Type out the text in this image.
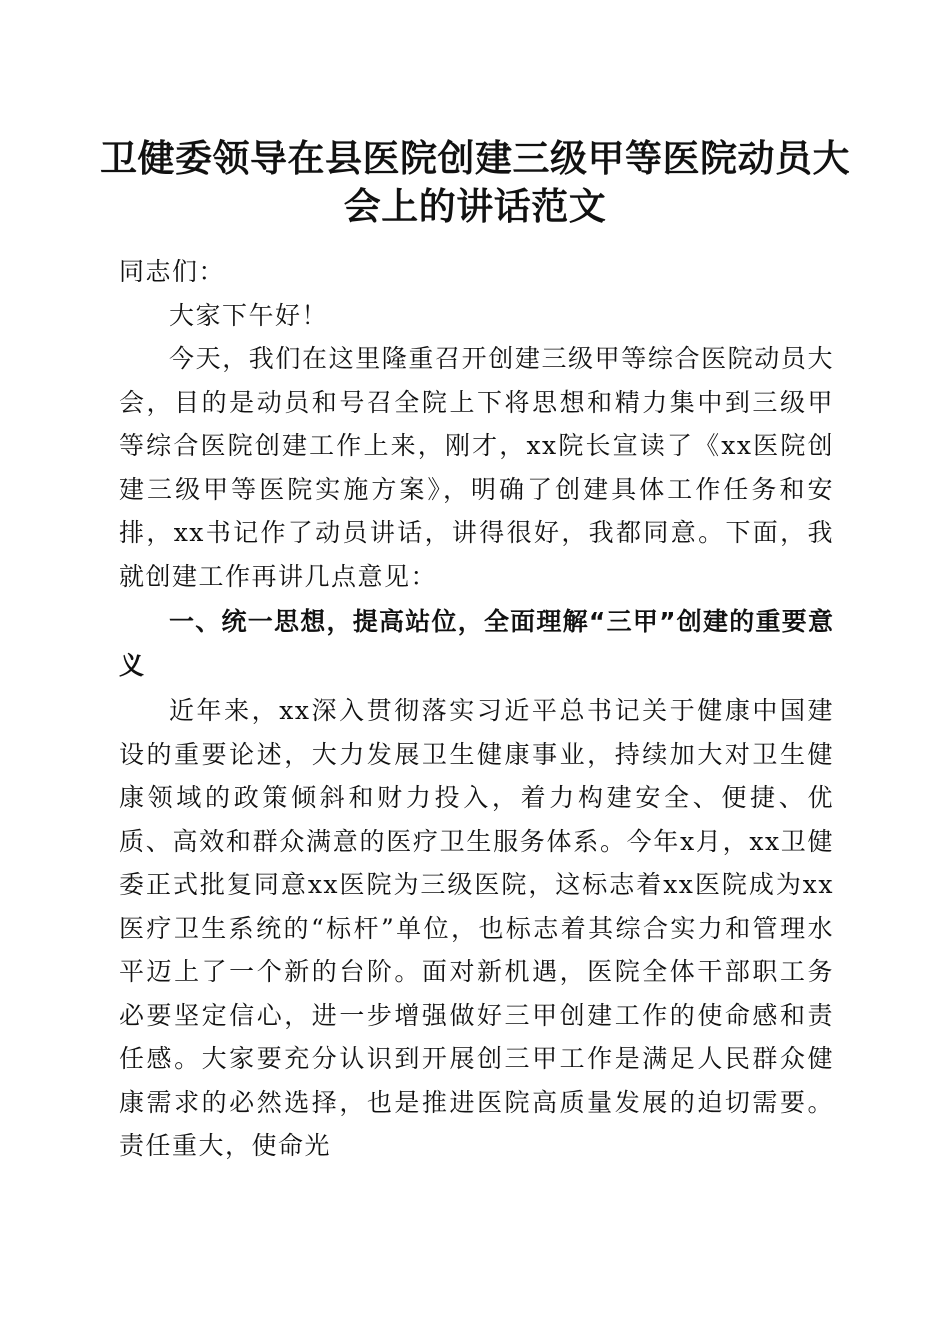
卫健委领导在县医院创建三级甲等医院动员大会上的讲话范文

同志们：

大家下午好！

今天，我们在这里隆重召开创建三级甲等综合医院动员大会，目的是动员和号召全院上下将思想和精力集中到三级甲等综合医院创建工作上来，刚才，xx院长宣读了《xx医院创建三级甲等医院实施方案》，明确了创建具体工作任务和安排，xx书记作了动员讲话，讲得很好，我都同意。下面，我就创建工作再讲几点意见：

一、统一思想，提高站位，全面理解“三甲”创建的重要意义

近年来，xx深入贯彻落实习近平总书记关于健康中国建设的重要论述，大力发展卫生健康事业，持续加大对卫生健康领域的政策倾斜和财力投入，着力构建安全、便捷、优质、高效和群众满意的医疗卫生服务体系。今年x月，xx卫健委正式批复同意xx医院为三级医院，这标志着xx医院成为xx医疗卫生系统的“标杆”单位，也标志着其综合实力和管理水平迈上了一个新的台阶。面对新机遇，医院全体干部职工务必要坚定信心，进一步增强做好三甲创建工作的使命感和责任感。大家要充分认识到开展创三甲工作是满足人民群众健康需求的必然选择，也是推进医院高质量发展的迫切需要。责任重大，使命光
